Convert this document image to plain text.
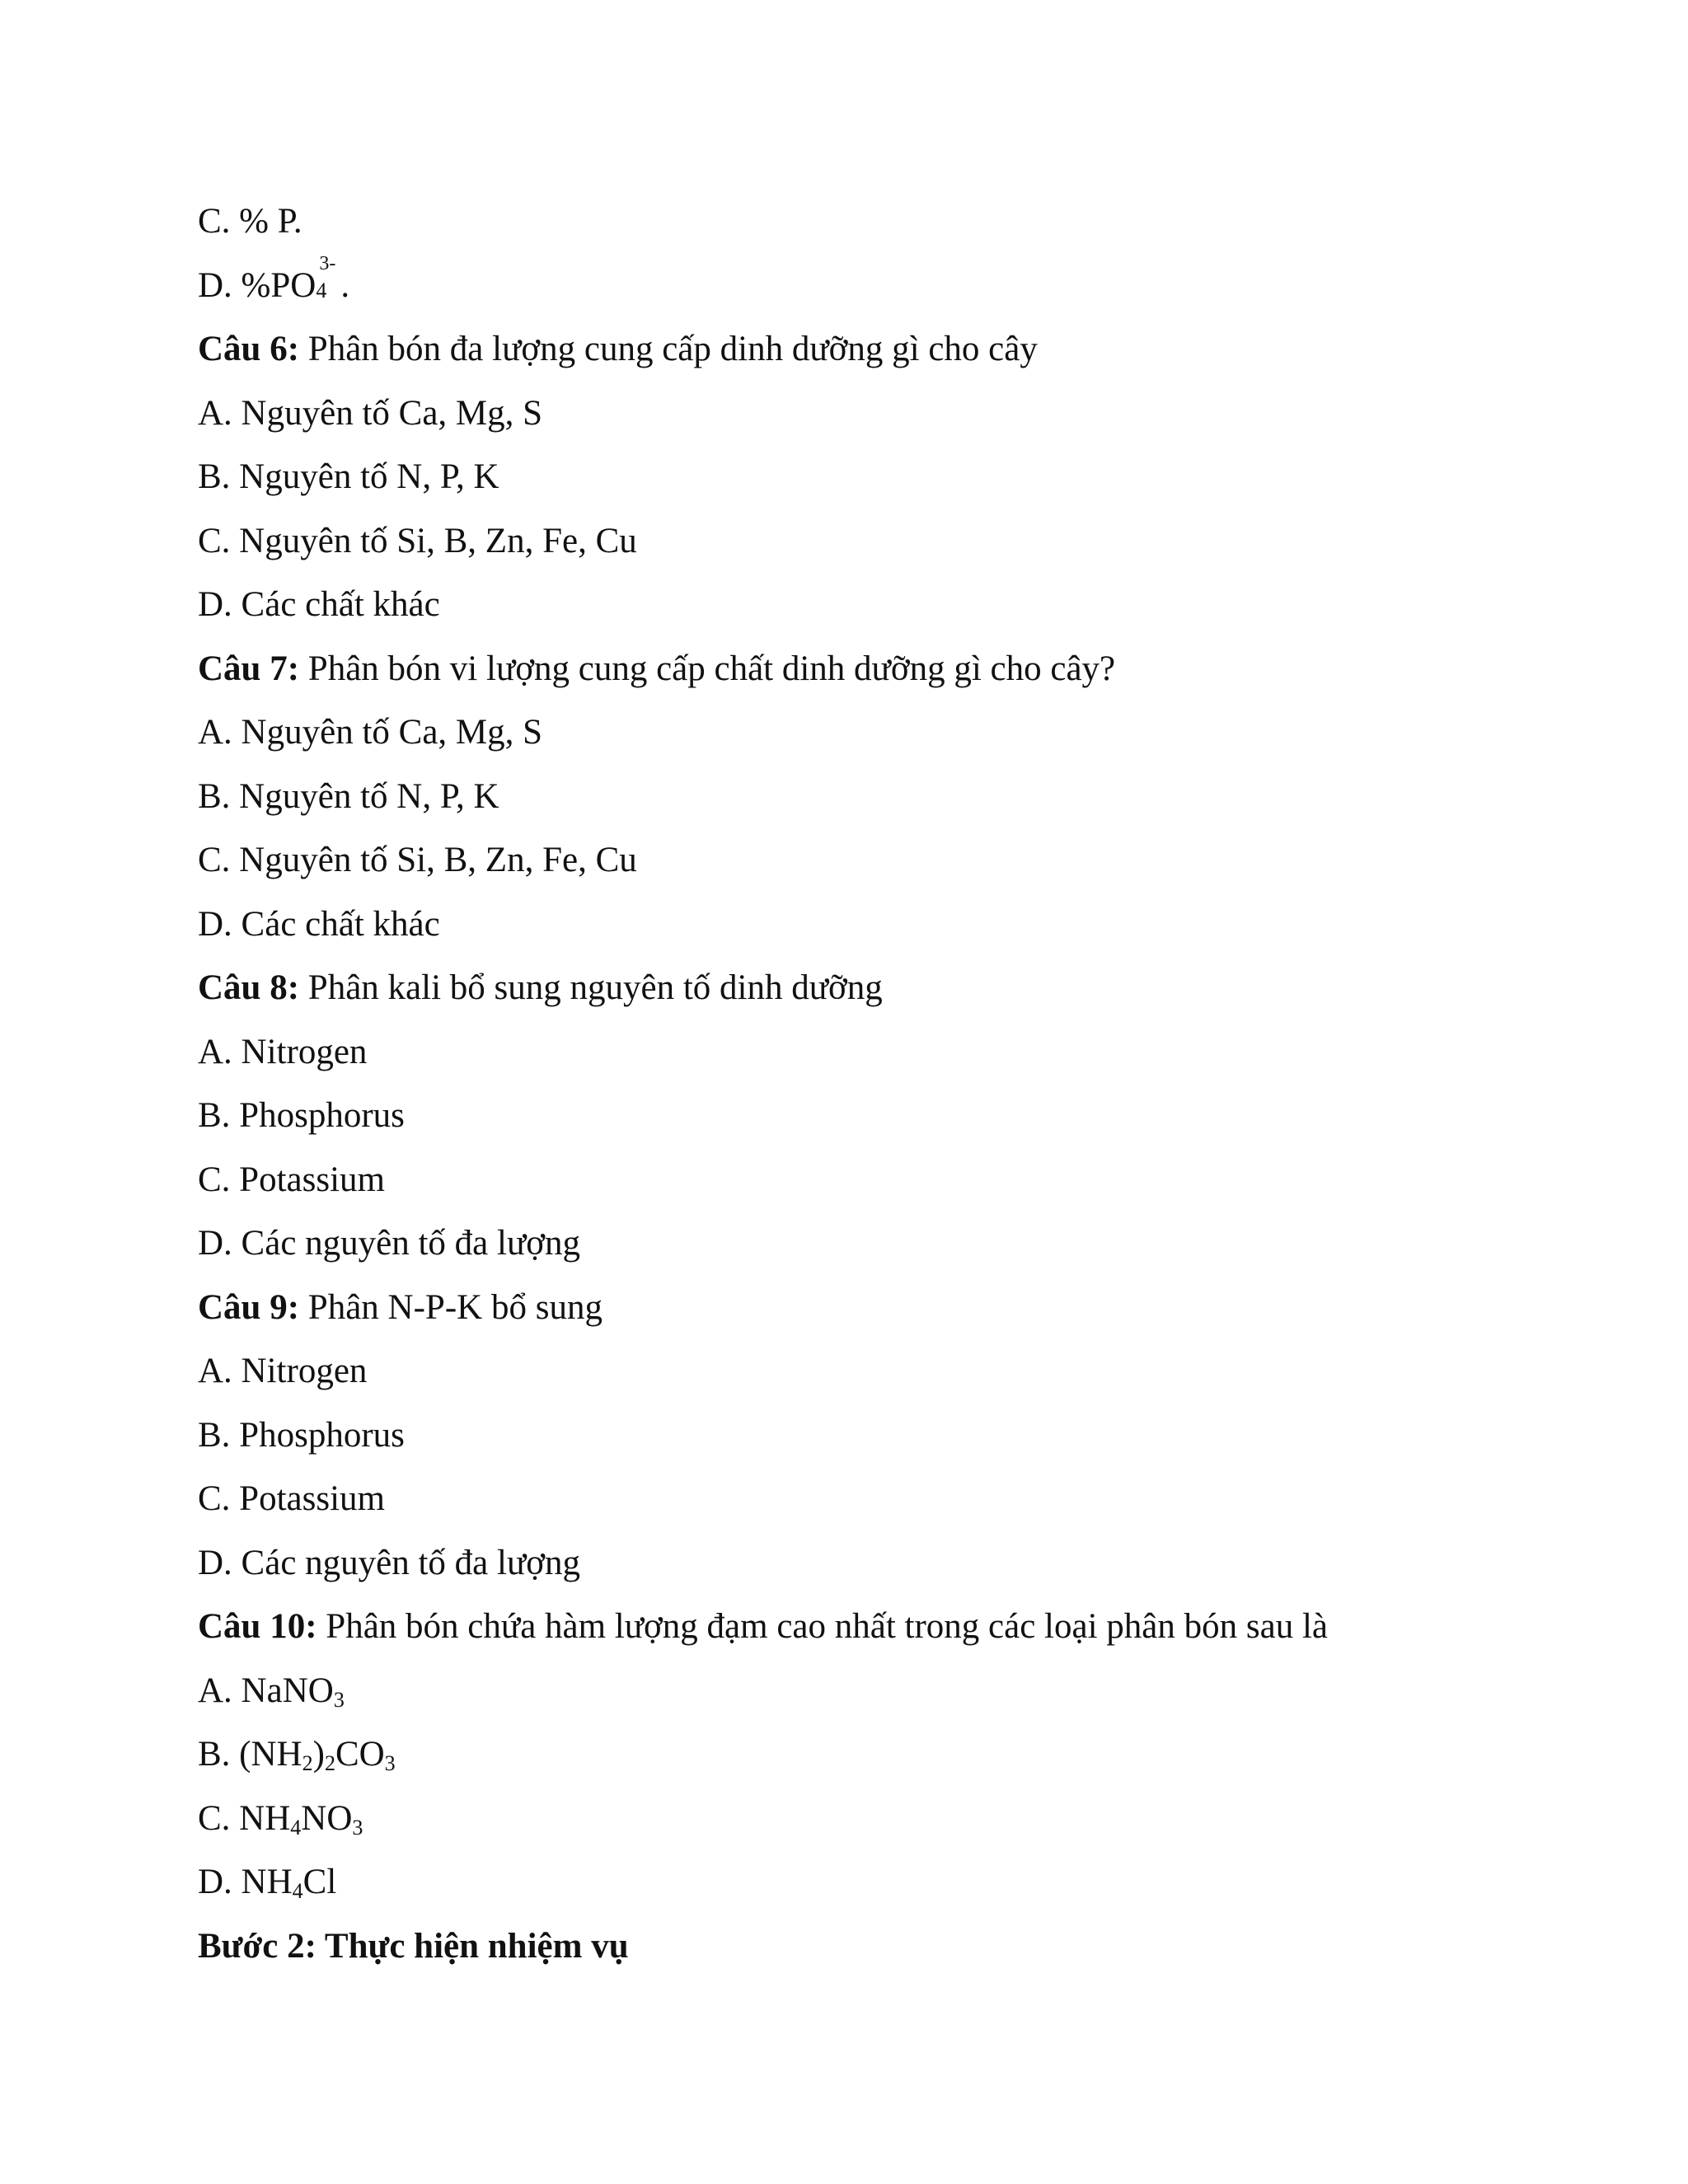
C. % P.
D. %PO
3-
4 .
Câu 6: Phân bón đa lượng cung cấp dinh dưỡng gì cho cây
A. Nguyên tố Ca, Mg, S
B. Nguyên tố N, P, K
C. Nguyên tố Si, B, Zn, Fe, Cu
D. Các chất khác
Câu 7: Phân bón vi lượng cung cấp chất dinh dưỡng gì cho cây?
A. Nguyên tố Ca, Mg, S
B. Nguyên tố N, P, K
C. Nguyên tố Si, B, Zn, Fe, Cu
D. Các chất khác
Câu 8: Phân kali bổ sung nguyên tố dinh dưỡng
A. Nitrogen
B. Phosphorus
C. Potassium
D. Các nguyên tố đa lượng
Câu 9: Phân N-P-K bổ sung
A. Nitrogen
B. Phosphorus
C. Potassium
D. Các nguyên tố đa lượng
Câu 10: Phân bón chứa hàm lượng đạm cao nhất trong các loại phân bón sau là
A. NaNO$_3$
B. $(NH_2)_2CO_3$
C. $NH_4NO_3$
D. $NH_4Cl$
Bước 2: Thực hiện nhiệm vụ
